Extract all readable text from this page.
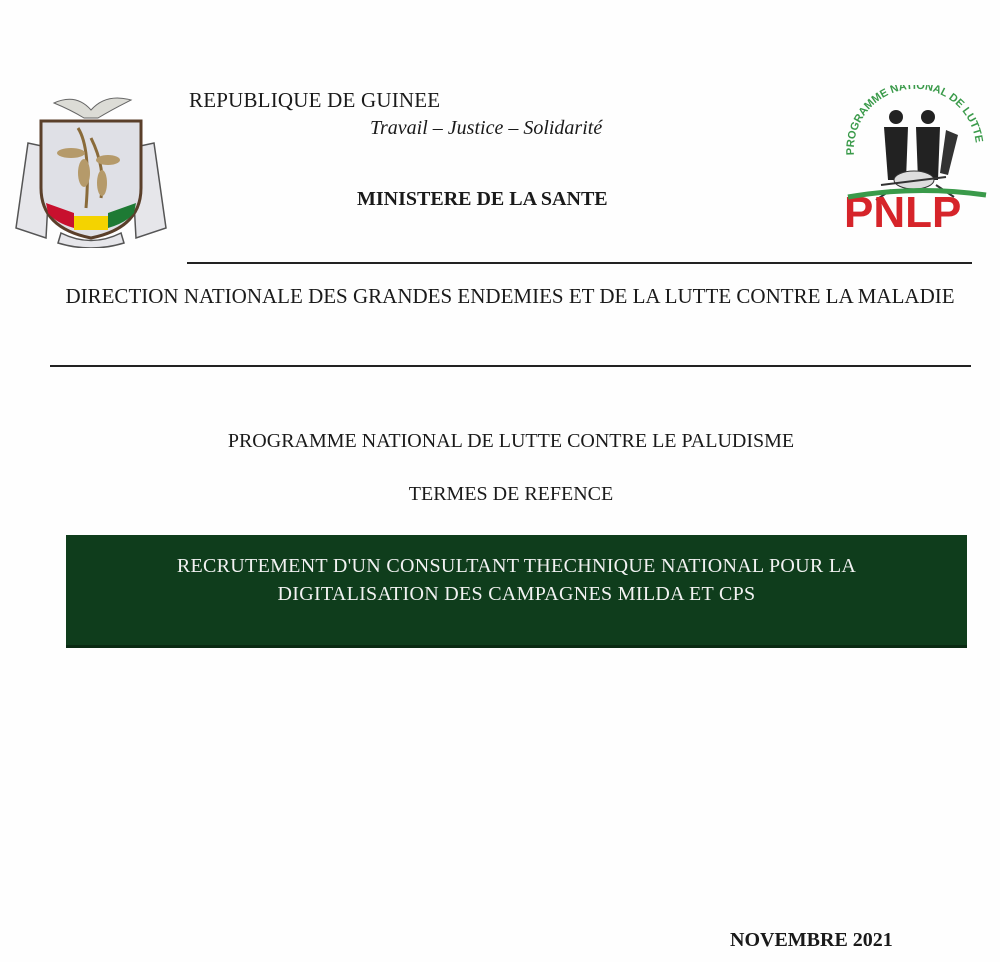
PROGRAMME NATIONAL DE LUTTE
PNLP
REPUBLIQUE DE GUINEE
Travail – Justice – Solidarité
MINISTERE DE LA SANTE
DIRECTION NATIONALE DES GRANDES ENDEMIES ET DE LA LUTTE CONTRE LA MALADIE
PROGRAMME NATIONAL DE LUTTE CONTRE LE PALUDISME
TERMES DE REFENCE
RECRUTEMENT D'UN CONSULTANT THECHNIQUE NATIONAL POUR LA
DIGITALISATION DES CAMPAGNES MILDA ET CPS
NOVEMBRE 2021
